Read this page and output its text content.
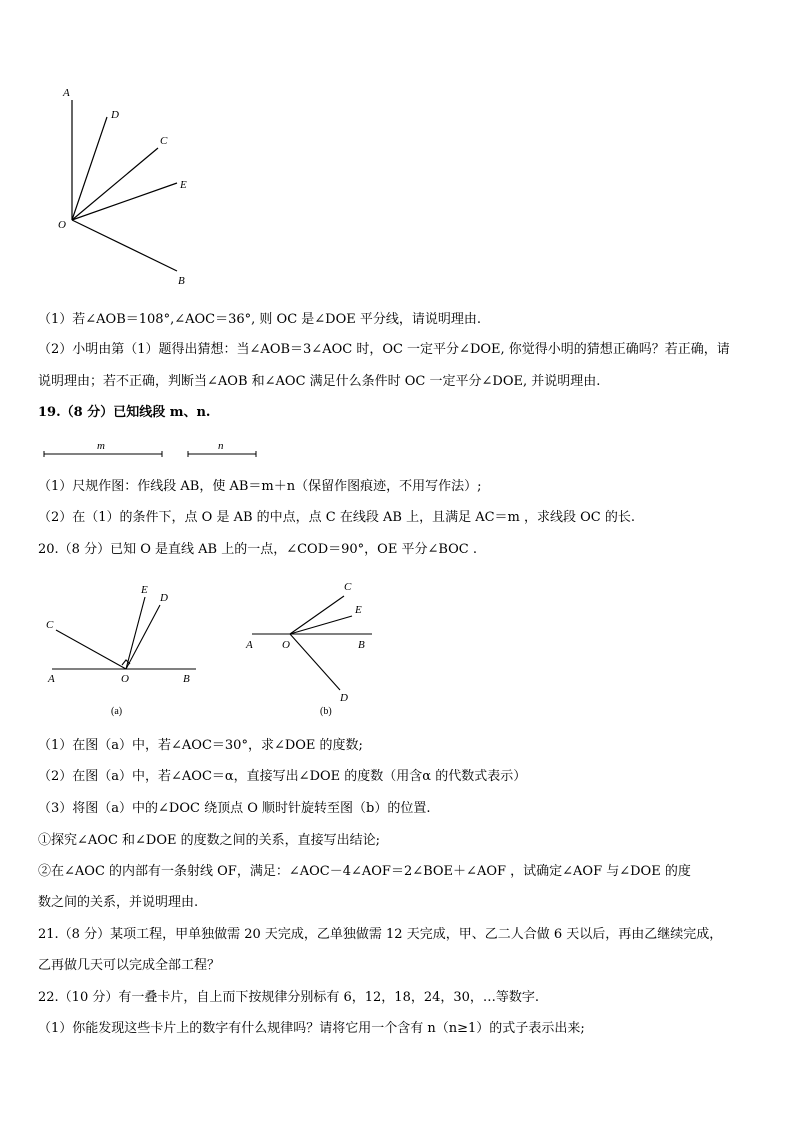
A
D
C
E
O
B
（1）若∠AOB＝108°,∠AOC＝36°, 则 OC 是∠DOE 平分线，请说明理由.
（2）小明由第（1）题得出猜想：当∠AOB＝3∠AOC 时，OC 一定平分∠DOE, 你觉得小明的猜想正确吗？若正确，请
说明理由；若不正确，判断当∠AOB 和∠AOC 满足什么条件时 OC 一定平分∠DOE, 并说明理由.
19.（8 分）已知线段 m、n.
m	n
（1）尺规作图：作线段 AB，使 AB＝m＋n（保留作图痕迹，不用写作法）;
（2）在（1）的条件下，点 O 是 AB 的中点，点 C 在线段 AB 上，且满足 AC＝m ，求线段 OC 的长.
20.（8 分）已知 O 是直线 AB 上的一点，∠COD＝90°，OE 平分∠BOC .
C
E
D
A	O	B
(a)
C
E
A	O	B
D
(b)
（1）在图（a）中，若∠AOC＝30°，求∠DOE 的度数;
（2）在图（a）中，若∠AOC＝α，直接写出∠DOE 的度数（用含α 的代数式表示）
（3）将图（a）中的∠DOC 绕顶点 O 顺时针旋转至图（b）的位置.
①探究∠AOC 和∠DOE 的度数之间的关系，直接写出结论;
②在∠AOC 的内部有一条射线 OF，满足：∠AOC－4∠AOF＝2∠BOE＋∠AOF ，试确定∠AOF 与∠DOE 的度
数之间的关系，并说明理由.
21.（8 分）某项工程，甲单独做需 20 天完成，乙单独做需 12 天完成，甲、乙二人合做 6 天以后，再由乙继续完成，
乙再做几天可以完成全部工程？
22.（10 分）有一叠卡片，自上而下按规律分别标有 6，12，18，24，30，…等数字.
（1）你能发现这些卡片上的数字有什么规律吗？请将它用一个含有 n（n≥1）的式子表示出来;
